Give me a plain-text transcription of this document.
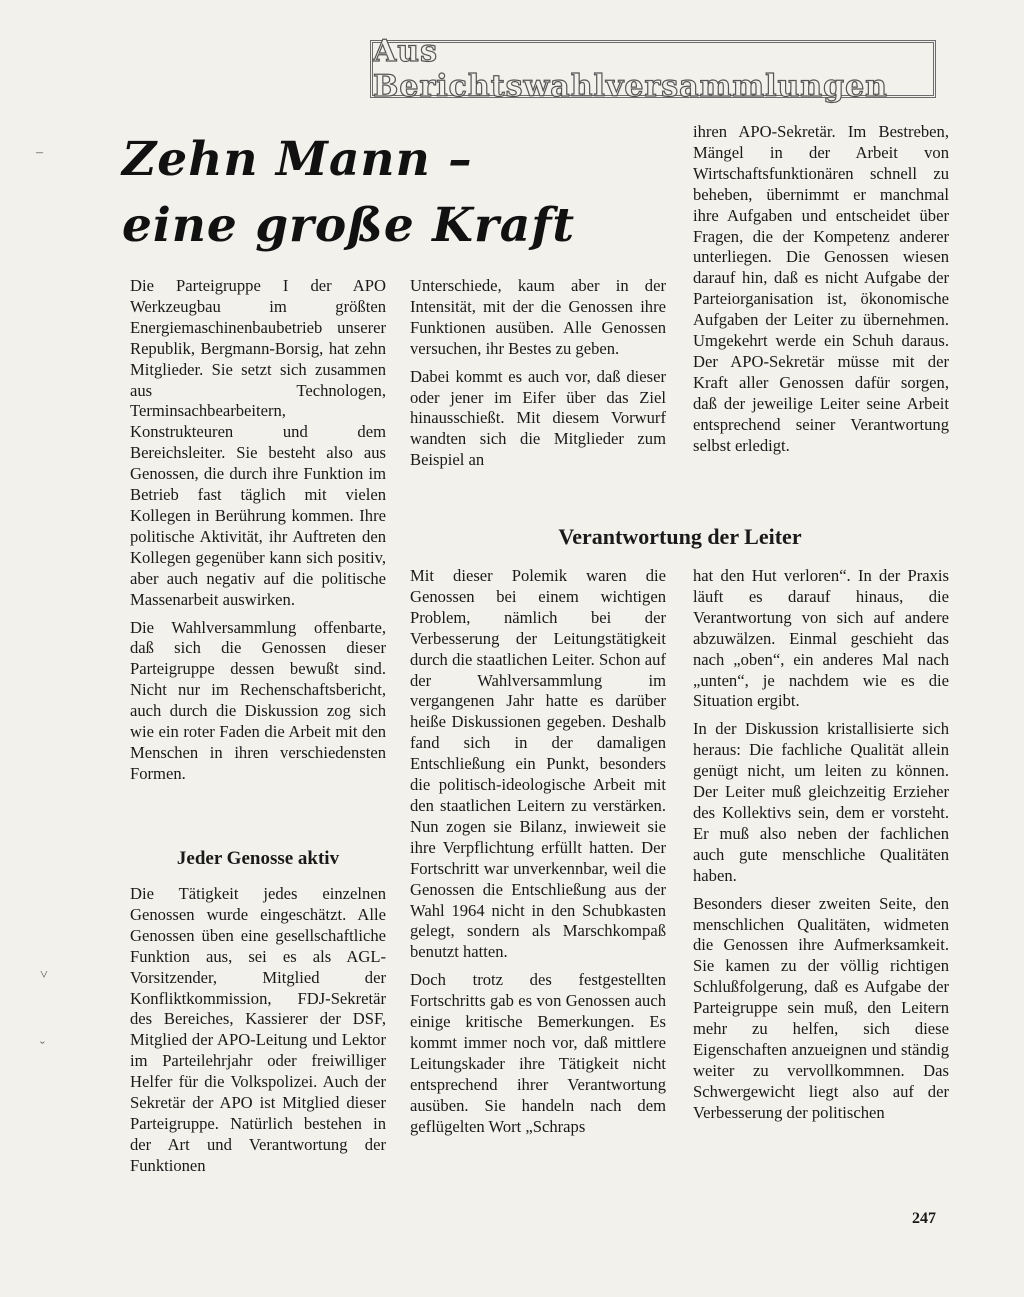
Aus Berichtswahlversammlungen
Zehn Mann –
eine große Kraft
–
˅
ˇ

Die Parteigruppe I der APO Werkzeugbau im größten Energiemaschinenbaubetrieb unserer Republik, Bergmann-Borsig, hat zehn Mitglieder. Sie setzt sich zusammen aus Technologen, Terminsachbearbeitern, Konstrukteuren und dem Bereichsleiter. Sie besteht also aus Genossen, die durch ihre Funktion im Betrieb fast täglich mit vielen Kollegen in Berührung kommen. Ihre politische Aktivität, ihr Auftreten den Kollegen gegenüber kann sich positiv, aber auch negativ auf die politische Massenarbeit auswirken.

Die Wahlversammlung offenbarte, daß sich die Genossen dieser Parteigruppe dessen bewußt sind. Nicht nur im Rechenschaftsbericht, auch durch die Diskussion zog sich wie ein roter Faden die Arbeit mit den Menschen in ihren verschiedensten Formen.

Jeder Genosse aktiv

Die Tätigkeit jedes einzelnen Genossen wurde eingeschätzt. Alle Genossen üben eine gesellschaftliche Funktion aus, sei es als AGL-Vorsitzender, Mitglied der Konfliktkommission, FDJ-Sekretär des Bereiches, Kassierer der DSF, Mitglied der APO-Leitung und Lektor im Parteilehrjahr oder freiwilliger Helfer für die Volkspolizei. Auch der Sekretär der APO ist Mitglied dieser Parteigruppe. Natürlich bestehen in der Art und Verantwortung der Funktionen

Unterschiede, kaum aber in der Intensität, mit der die Genossen ihre Funktionen ausüben. Alle Genossen versuchen, ihr Bestes zu geben.

Dabei kommt es auch vor, daß dieser oder jener im Eifer über das Ziel hinausschießt. Mit diesem Vorwurf wandten sich die Mitglieder zum Beispiel an

ihren APO-Sekretär. Im Bestreben, Mängel in der Arbeit von Wirtschaftsfunktionären schnell zu beheben, übernimmt er manchmal ihre Aufgaben und entscheidet über Fragen, die der Kompetenz anderer unterliegen. Die Genossen wiesen darauf hin, daß es nicht Aufgabe der Parteiorganisation ist, ökonomische Aufgaben der Leiter zu übernehmen. Umgekehrt werde ein Schuh daraus. Der APO-Sekretär müsse mit der Kraft aller Genossen dafür sorgen, daß der jeweilige Leiter seine Arbeit entsprechend seiner Verantwortung selbst erledigt.

Verantwortung der Leiter

Mit dieser Polemik waren die Genossen bei einem wichtigen Problem, nämlich bei der Verbesserung der Leitungstätigkeit durch die staatlichen Leiter. Schon auf der Wahlversammlung im vergangenen Jahr hatte es darüber heiße Diskussionen gegeben. Deshalb fand sich in der damaligen Entschließung ein Punkt, besonders die politisch-ideologische Arbeit mit den staatlichen Leitern zu verstärken. Nun zogen sie Bilanz, inwieweit sie ihre Verpflichtung erfüllt hatten. Der Fortschritt war unverkennbar, weil die Genossen die Entschließung aus der Wahl 1964 nicht in den Schubkasten gelegt, sondern als Marschkompaß benutzt hatten.

Doch trotz des festgestellten Fortschritts gab es von Genossen auch einige kritische Bemerkungen. Es kommt immer noch vor, daß mittlere Leitungskader ihre Tätigkeit nicht entsprechend ihrer Verantwortung ausüben. Sie handeln nach dem geflügelten Wort „Schraps

hat den Hut verloren“. In der Praxis läuft es darauf hinaus, die Verantwortung von sich auf andere abzuwälzen. Einmal geschieht das nach „oben“, ein anderes Mal nach „unten“, je nachdem wie es die Situation ergibt.

In der Diskussion kristallisierte sich heraus: Die fachliche Qualität allein genügt nicht, um leiten zu können. Der Leiter muß gleichzeitig Erzieher des Kollektivs sein, dem er vorsteht. Er muß also neben der fachlichen auch gute menschliche Qualitäten haben.

Besonders dieser zweiten Seite, den menschlichen Qualitäten, widmeten die Genossen ihre Aufmerksamkeit. Sie kamen zu der völlig richtigen Schlußfolgerung, daß es Aufgabe der Parteigruppe sein muß, den Leitern mehr zu helfen, sich diese Eigenschaften anzueignen und ständig weiter zu vervollkommnen. Das Schwergewicht liegt also auf der Verbesserung der politischen

247
